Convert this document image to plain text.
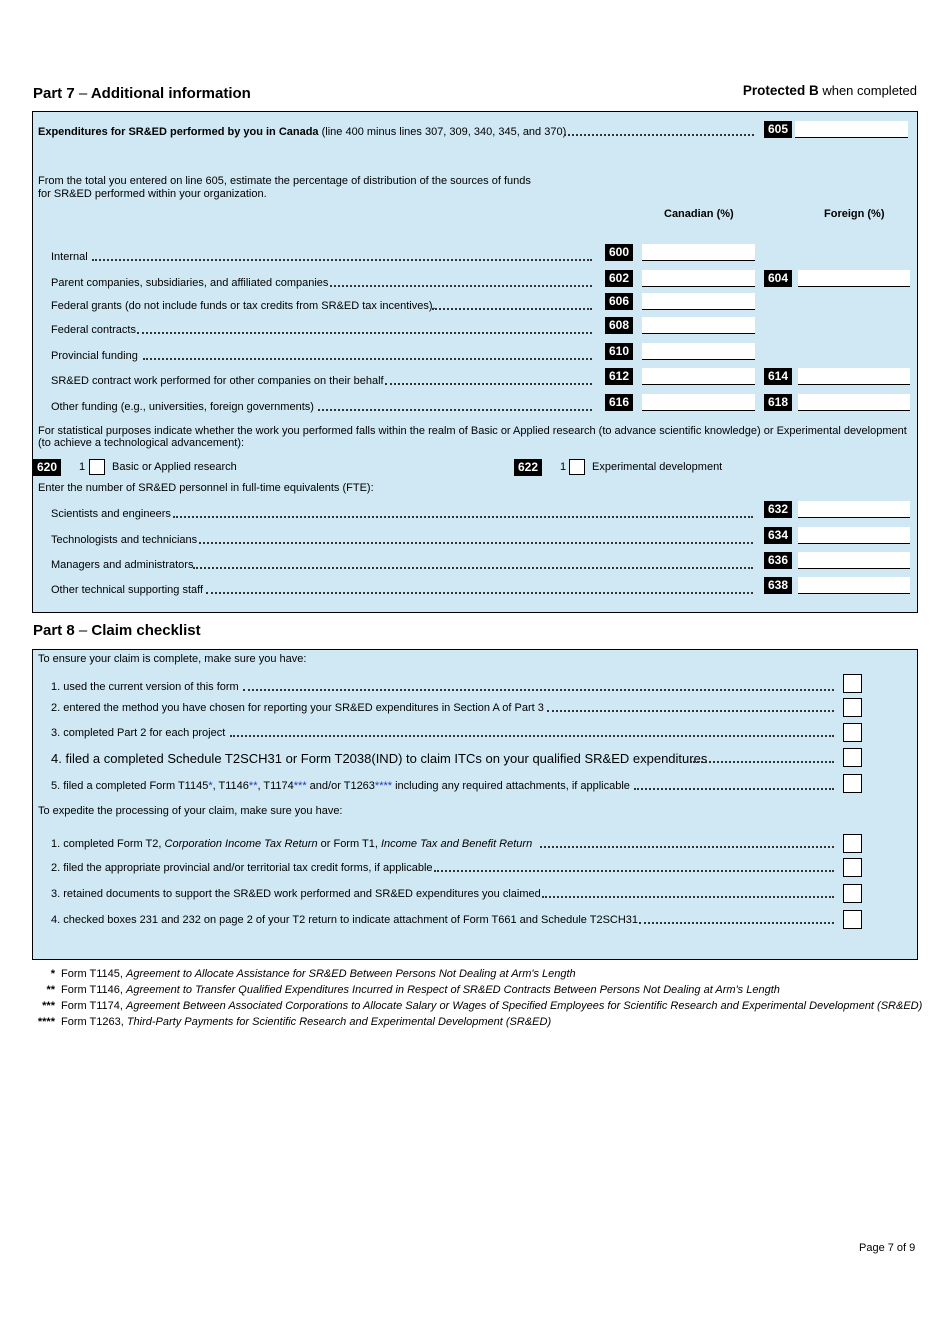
Part 7 – Additional information	Protected B when completed
Expenditures for SR&ED performed by you in Canada (line 400 minus lines 307, 309, 340, 345, and 370)	605
From the total you entered on line 605, estimate the percentage of distribution of the sources of funds
for SR&ED performed within your organization.
Canadian (%)	Foreign (%)
Internal	600
Parent companies, subsidiaries, and affiliated companies	602	604
Federal grants (do not include funds or tax credits from SR&ED tax incentives).	606
Federal contracts	608
Provincial funding	610
SR&ED contract work performed for other companies on their behalf	612	614
Other funding (e.g., universities, foreign governments)	616	618
For statistical purposes indicate whether the work you performed falls within the realm of Basic or Applied research (to advance scientific knowledge) or Experimental development
(to achieve a technological advancement):
620	1 Basic or Applied research	622	1 Experimental development
Enter the number of SR&ED personnel in full-time equivalents (FTE):
Scientists and engineers	632
Technologists and technicians	634
Managers and administrators	636
Other technical supporting staff	638
Part 8 – Claim checklist
To ensure your claim is complete, make sure you have:
1. used the current version of this form
2. entered the method you have chosen for reporting your SR&ED expenditures in Section A of Part 3
3. completed Part 2 for each project
4. filed a completed Schedule T2SCH31 or Form T2038(IND) to claim ITCs on your qualified SR&ED expenditures
5. filed a completed Form T1145*, T1146**, T1174*** and/or T1263**** including any required attachments, if applicable
To expedite the processing of your claim, make sure you have:
1. completed Form T2, Corporation Income Tax Return or Form T1, Income Tax and Benefit Return
2. filed the appropriate provincial and/or territorial tax credit forms, if applicable
3. retained documents to support the SR&ED work performed and SR&ED expenditures you claimed
4. checked boxes 231 and 232 on page 2 of your T2 return to indicate attachment of Form T661 and Schedule T2SCH31
* Form T1145, Agreement to Allocate Assistance for SR&ED Between Persons Not Dealing at Arm's Length
** Form T1146, Agreement to Transfer Qualified Expenditures Incurred in Respect of SR&ED Contracts Between Persons Not Dealing at Arm's Length
*** Form T1174, Agreement Between Associated Corporations to Allocate Salary or Wages of Specified Employees for Scientific Research and Experimental Development (SR&ED)
**** Form T1263, Third-Party Payments for Scientific Research and Experimental Development (SR&ED)
Page 7 of 9
